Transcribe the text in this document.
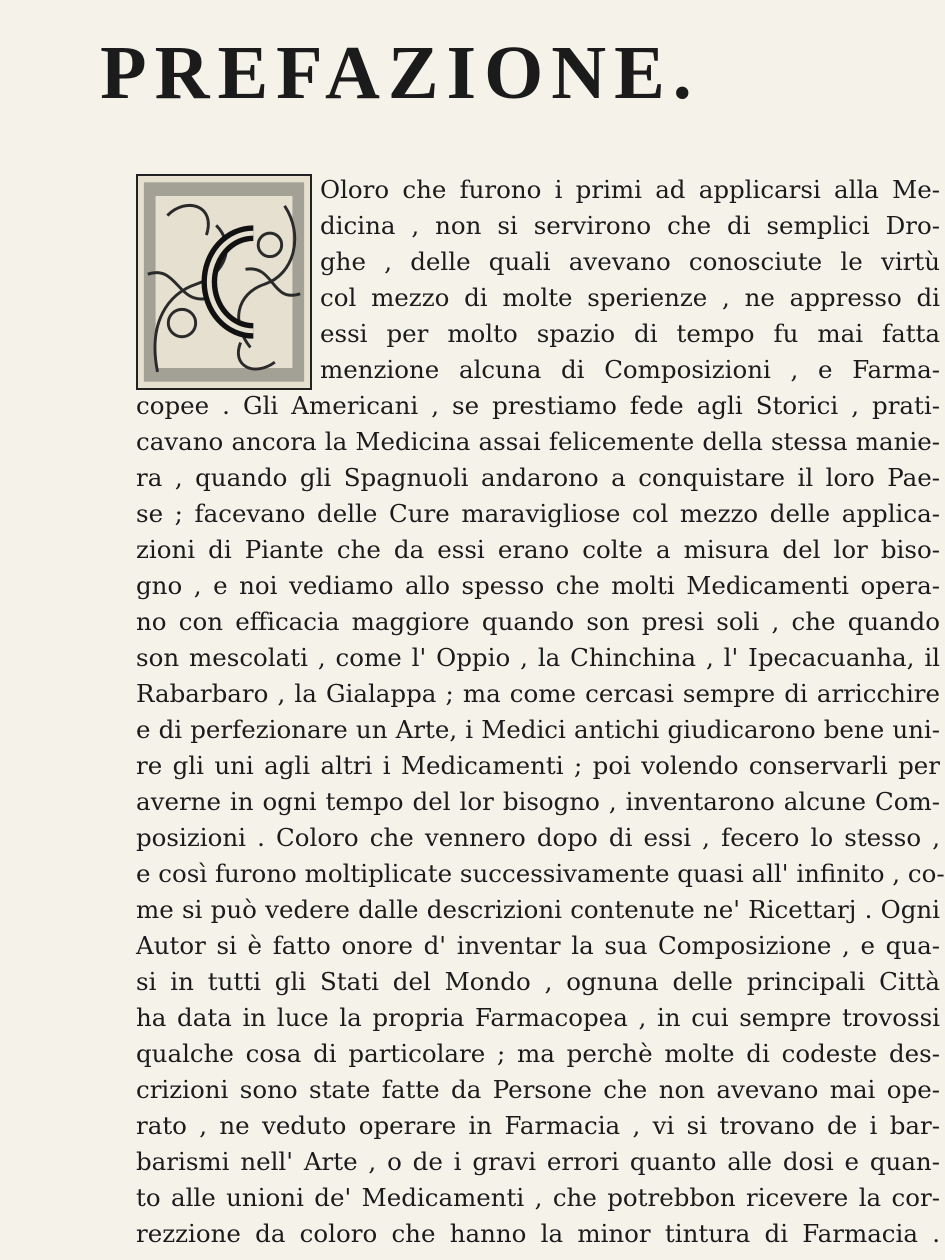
PREFAZIONE.
Oloro che furono i primi ad applicarsi alla Me-
dicina , non si servirono che di semplici Dro-
ghe , delle quali avevano conosciute le virtù
col mezzo di molte sperienze , ne appresso di
essi per molto spazio di tempo fu mai fatta
menzione alcuna di Composizioni , e Farma-
copee . Gli Americani , se prestiamo fede agli Storici , prati-
cavano ancora la Medicina assai felicemente della stessa manie-
ra , quando gli Spagnuoli andarono a conquistare il loro Pae-
se ; facevano delle Cure maravigliose col mezzo delle applica-
zioni di Piante che da essi erano colte a misura del lor biso-
gno , e noi vediamo allo spesso che molti Medicamenti opera-
no con efficacia maggiore quando son presi soli , che quando
son mescolati , come l' Oppio , la Chinchina , l' Ipecacuanha, il
Rabarbaro , la Gialappa ; ma come cercasi sempre di arricchire
e di perfezionare un Arte, i Medici antichi giudicarono bene uni-
re gli uni agli altri i Medicamenti ; poi volendo conservarli per
averne in ogni tempo del lor bisogno , inventarono alcune Com-
posizioni . Coloro che vennero dopo di essi , fecero lo stesso ,
e così furono moltiplicate successivamente quasi all' infinito , co-
me si può vedere dalle descrizioni contenute ne' Ricettarj . Ogni
Autor si è fatto onore d' inventar la sua Composizione , e qua-
si in tutti gli Stati del Mondo , ognuna delle principali Città
ha data in luce la propria Farmacopea , in cui sempre trovossi
qualche cosa di particolare ; ma perchè molte di codeste des-
crizioni sono state fatte da Persone che non avevano mai ope-
rato , ne veduto operare in Farmacia , vi si trovano de i bar-
barismi nell' Arte , o de i gravi errori quanto alle dosi e quan-
to alle unioni de' Medicamenti , che potrebbon ricevere la cor-
rezzione da coloro che hanno la minor tintura di Farmacia .
